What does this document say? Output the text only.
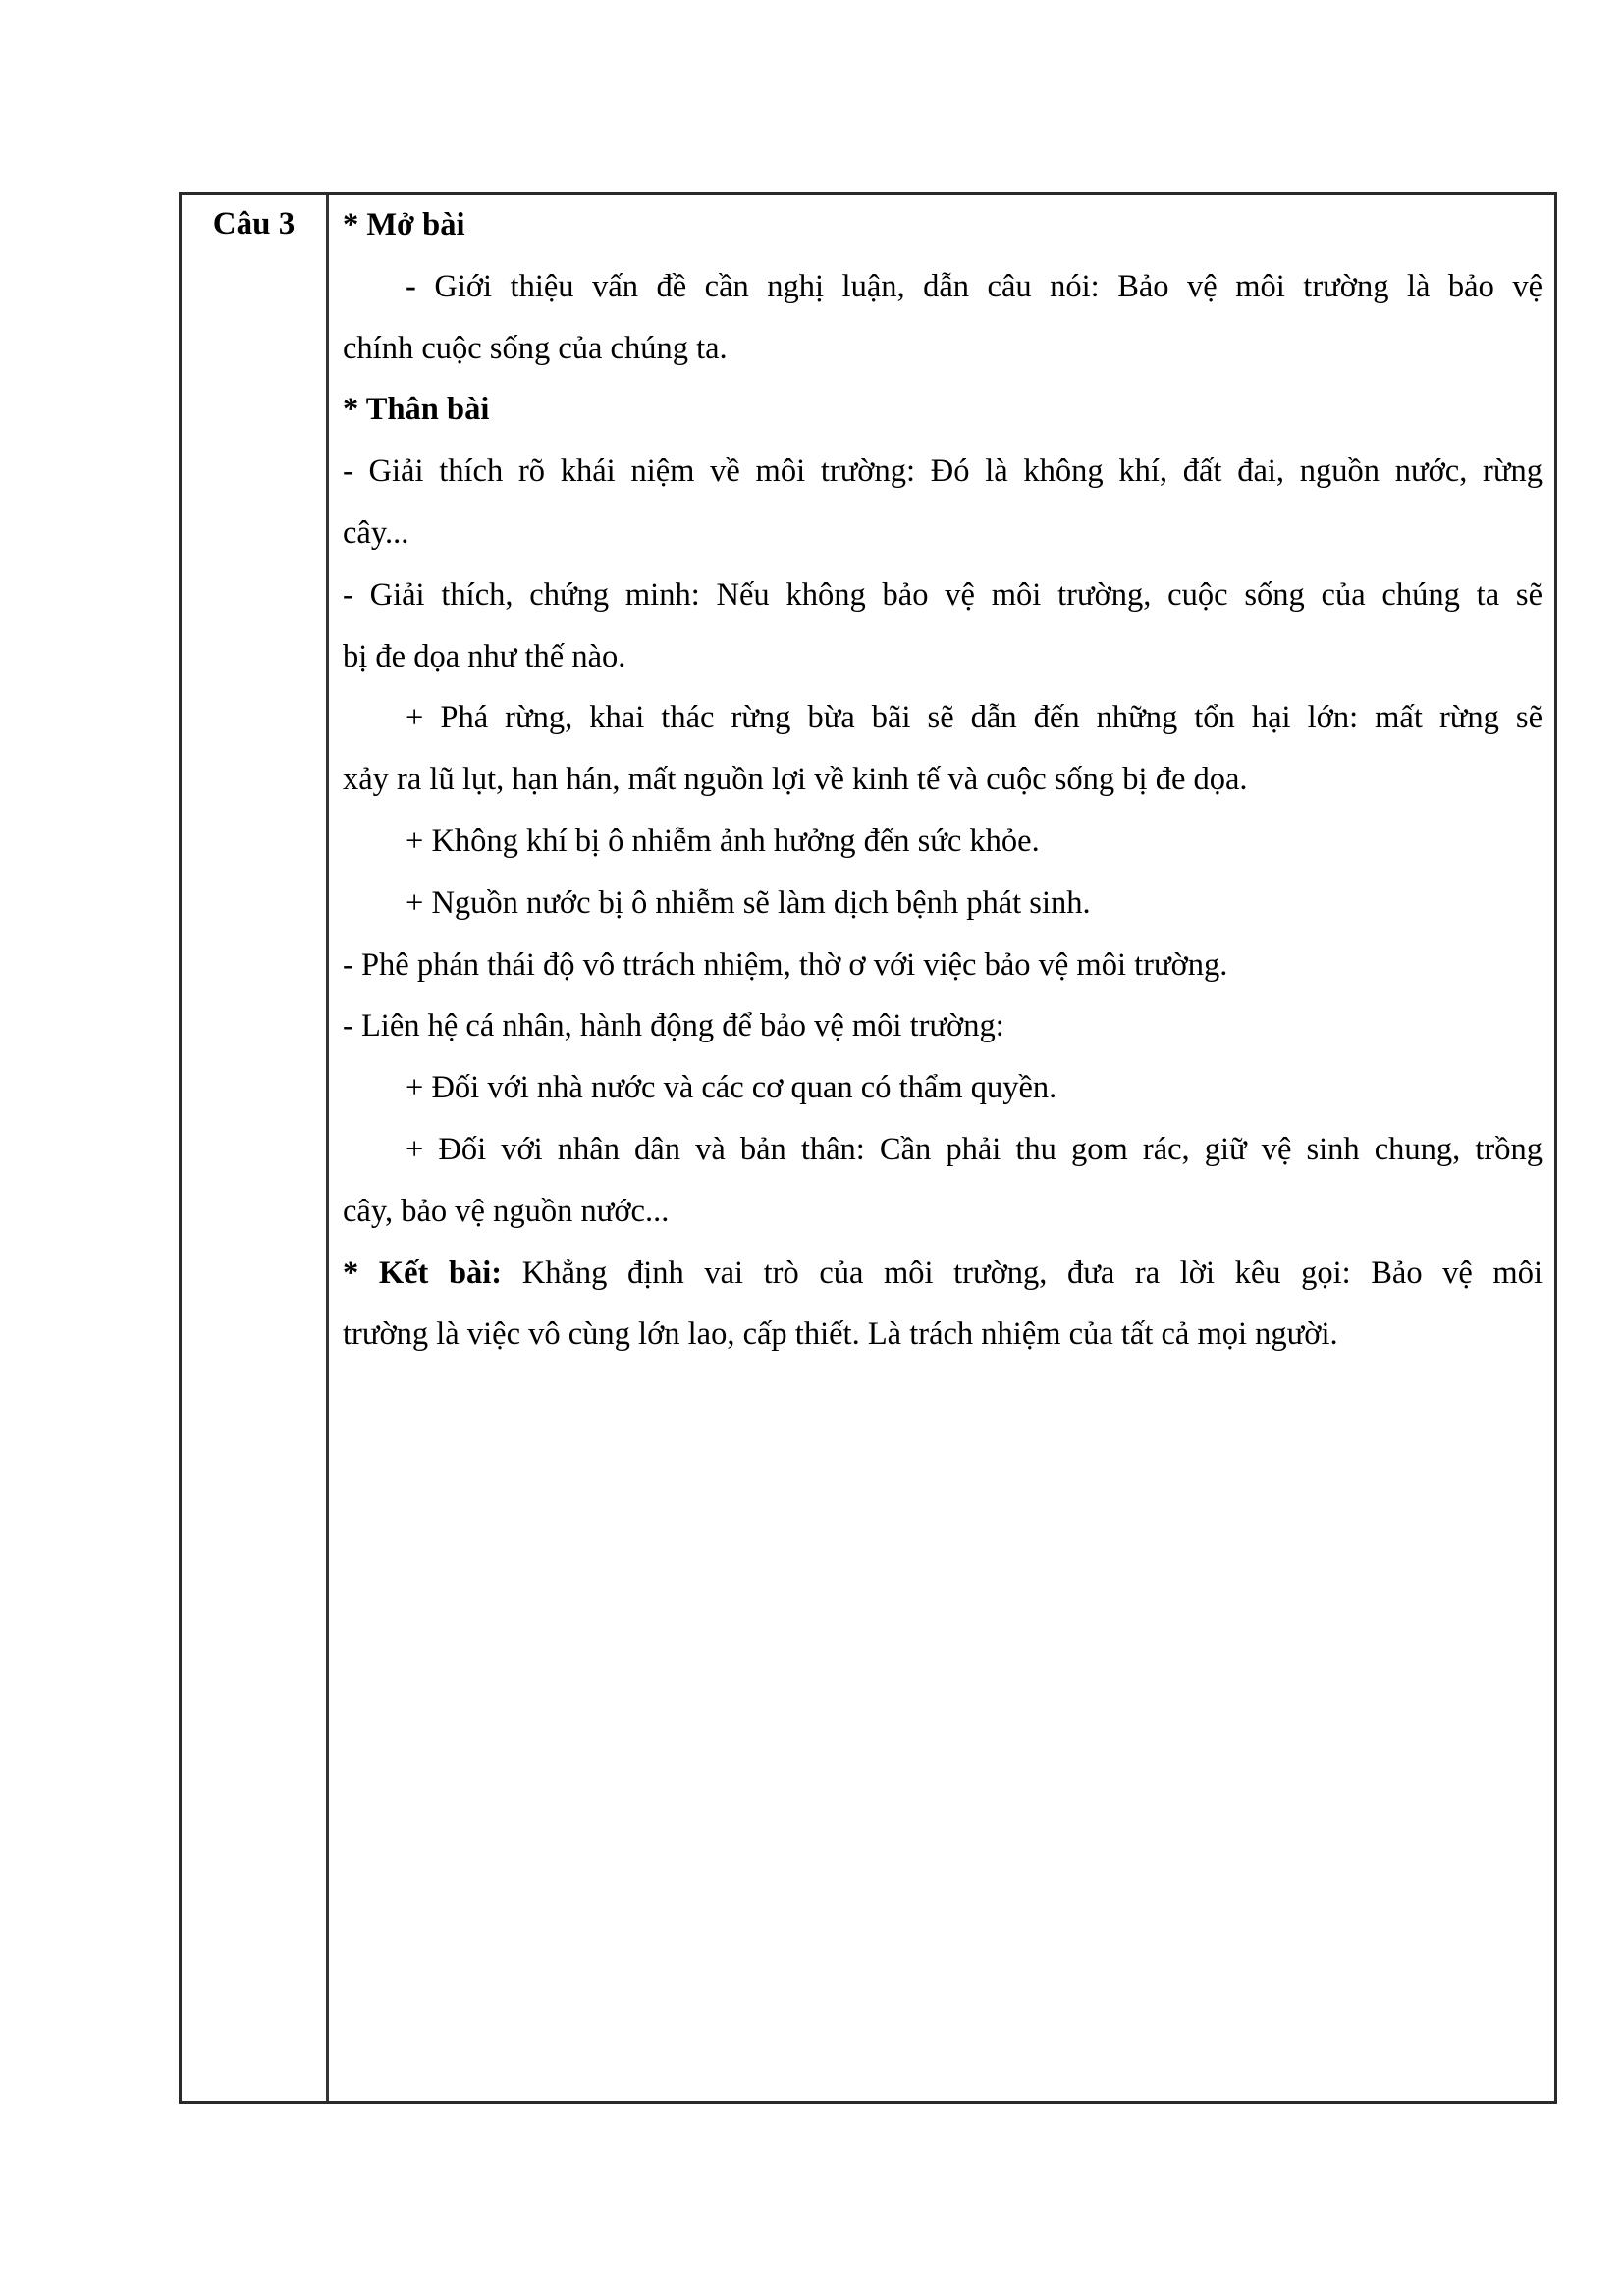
Câu 3	* Mở bài
- Giới thiệu vấn đề cần nghị luận, dẫn câu nói: Bảo vệ môi trường là bảo vệ
chính cuộc sống của chúng ta.
* Thân bài
- Giải thích rõ khái niệm về môi trường: Đó là không khí, đất đai, nguồn nước, rừng
cây...
- Giải thích, chứng minh: Nếu không bảo vệ môi trường, cuộc sống của chúng ta sẽ
bị đe dọa như thế nào.
+ Phá rừng, khai thác rừng bừa bãi sẽ dẫn đến những tổn hại lớn: mất rừng sẽ
xảy ra lũ lụt, hạn hán, mất nguồn lợi về kinh tế và cuộc sống bị đe dọa.
+ Không khí bị ô nhiễm ảnh hưởng đến sức khỏe.
+ Nguồn nước bị ô nhiễm sẽ làm dịch bệnh phát sinh.
- Phê phán thái độ vô ttrách nhiệm, thờ ơ với việc bảo vệ môi trường.
- Liên hệ cá nhân, hành động để bảo vệ môi trường:
+ Đối với nhà nước và các cơ quan có thẩm quyền.
+ Đối với nhân dân và bản thân: Cần phải thu gom rác, giữ vệ sinh chung, trồng
cây, bảo vệ nguồn nước...
* Kết bài: Khẳng định vai trò của môi trường, đưa ra lời kêu gọi: Bảo vệ môi
trường là việc vô cùng lớn lao, cấp thiết. Là trách nhiệm của tất cả mọi người.
